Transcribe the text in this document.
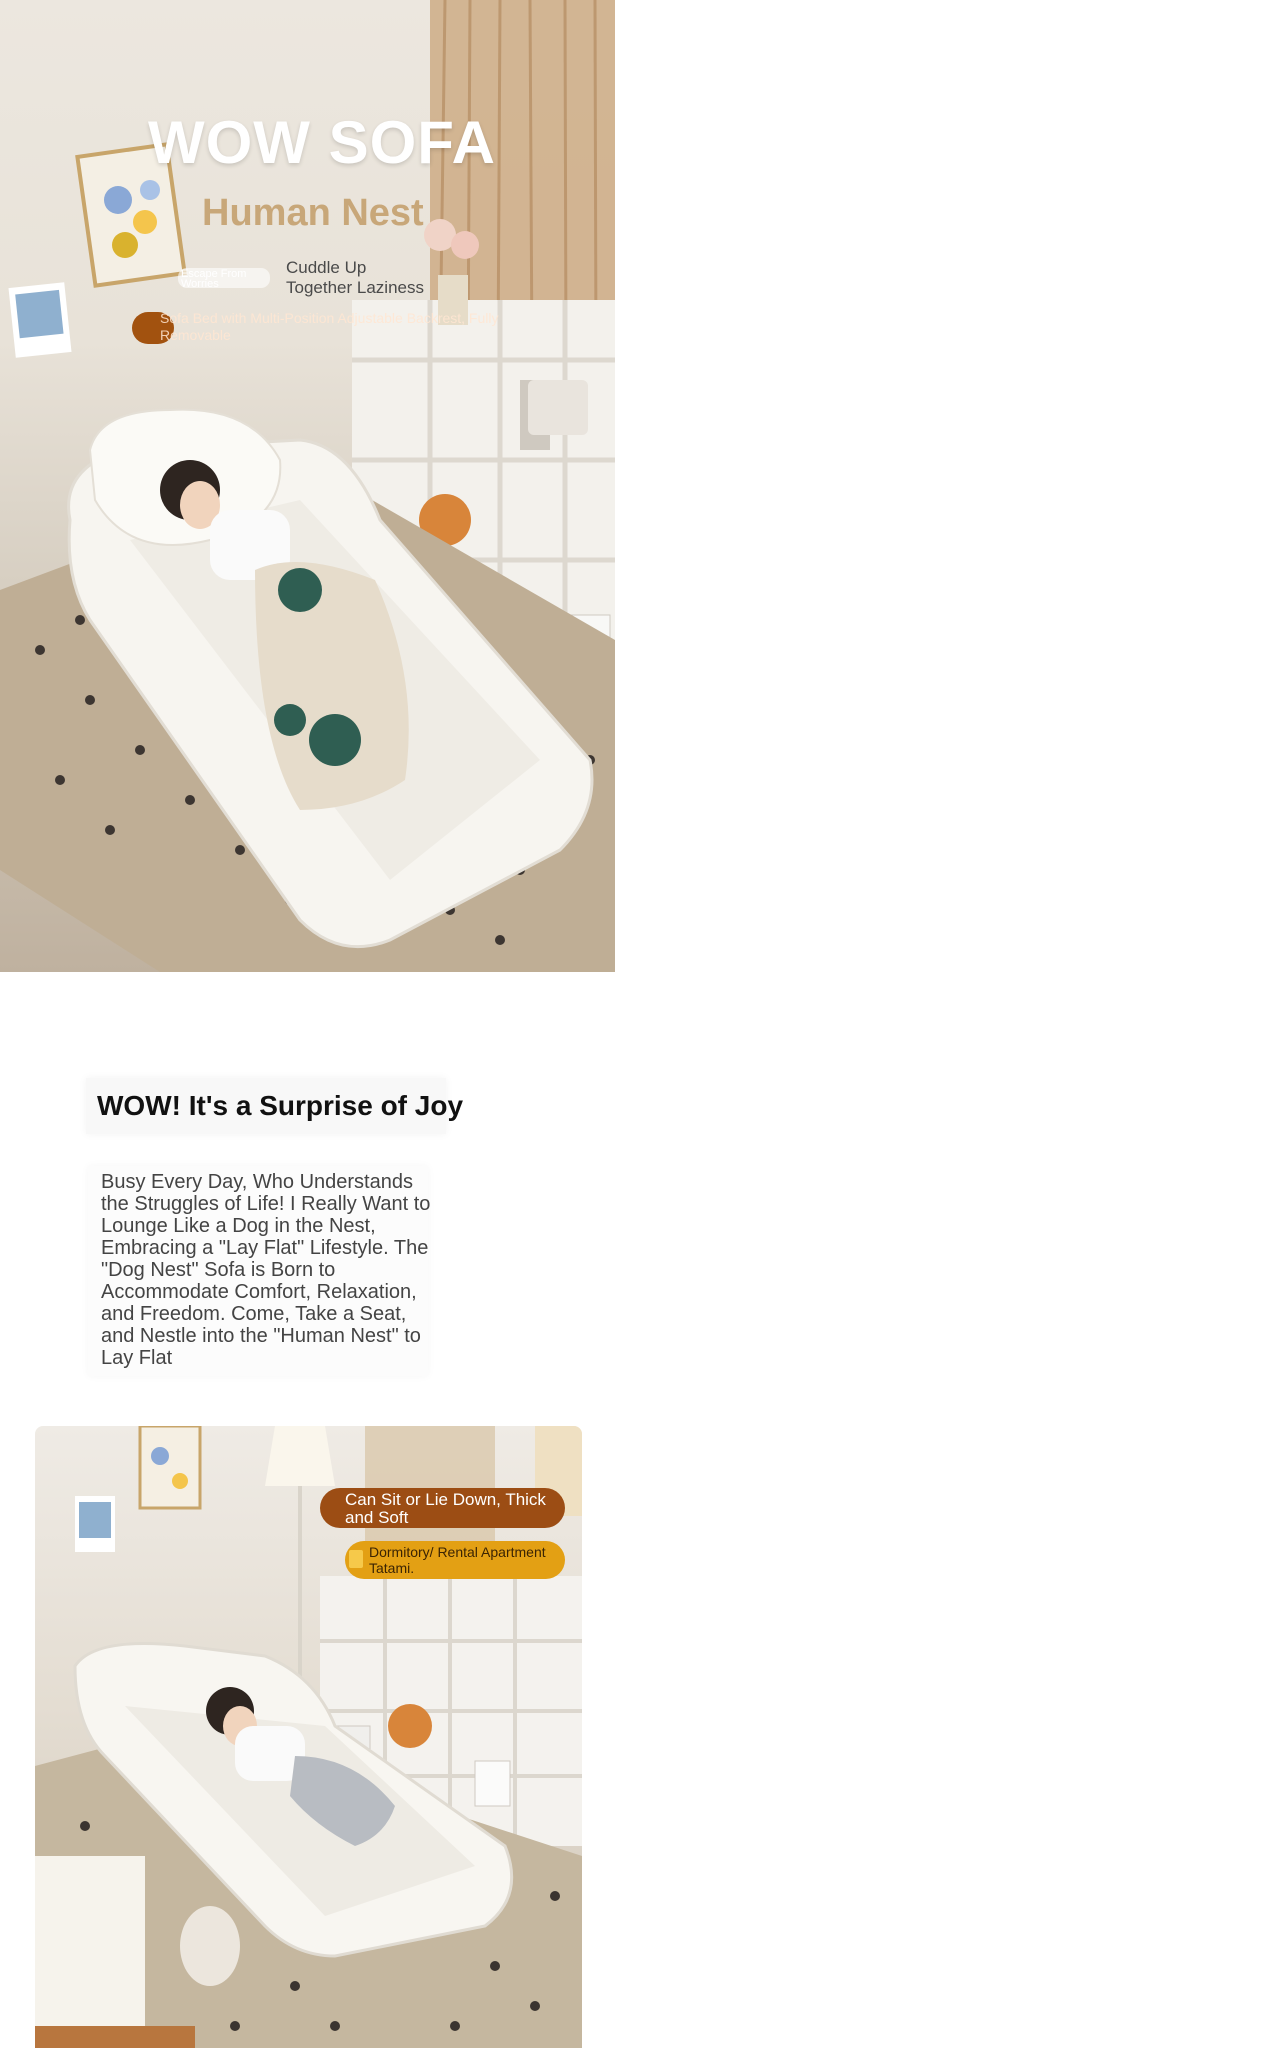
WOW SOFA
Human Nest
Escape From Worries
Cuddle Up Together Laziness
Sofa Bed with Multi-Position Adjustable Backrest, Fully Removable
WOW! It's a Surprise of Joy

Busy Every Day, Who Understands the Struggles of Life! I Really Want to Lounge Like a Dog in the Nest, Embracing a "Lay Flat" Lifestyle. The "Dog Nest" Sofa is Born to Accommodate Comfort, Relaxation, and Freedom. Come, Take a Seat, and Nestle into the "Human Nest" to Lay Flat

Can Sit or Lie Down, Thick and Soft
Dormitory/ Rental Apartment Tatami.
